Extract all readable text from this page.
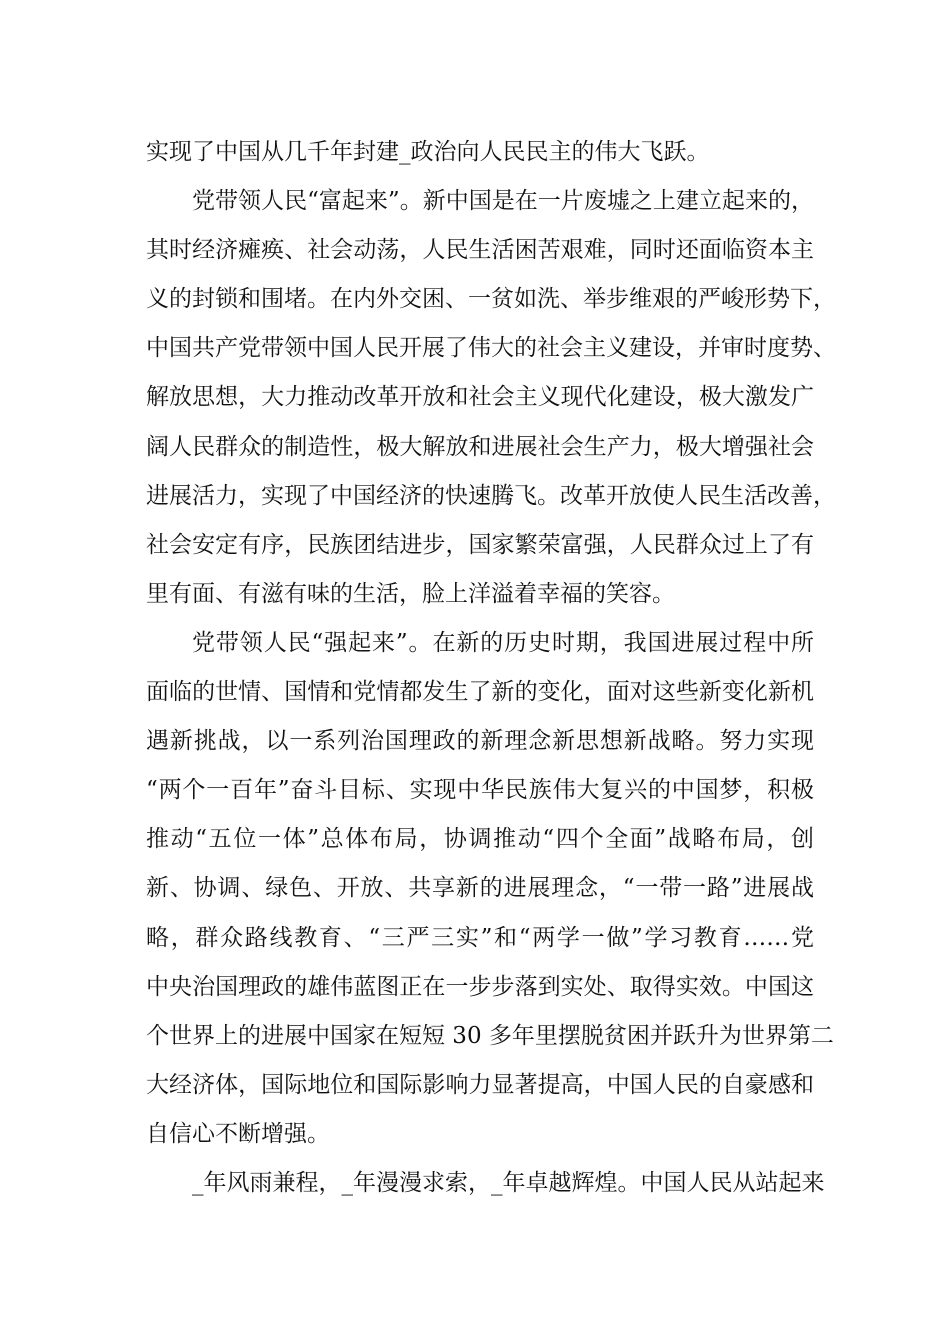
实现了中国从几千年封建_政治向人民民主的伟大飞跃。
党带领人民“富起来”。新中国是在一片废墟之上建立起来的，
其时经济瘫痪、社会动荡，人民生活困苦艰难，同时还面临资本主
义的封锁和围堵。在内外交困、一贫如洗、举步维艰的严峻形势下，
中国共产党带领中国人民开展了伟大的社会主义建设，并审时度势、
解放思想，大力推动改革开放和社会主义现代化建设，极大激发广
阔人民群众的制造性，极大解放和进展社会生产力，极大增强社会
进展活力，实现了中国经济的快速腾飞。改革开放使人民生活改善，
社会安定有序，民族团结进步，国家繁荣富强，人民群众过上了有
里有面、有滋有味的生活，脸上洋溢着幸福的笑容。
党带领人民“强起来”。在新的历史时期，我国进展过程中所
面临的世情、国情和党情都发生了新的变化，面对这些新变化新机
遇新挑战，以一系列治国理政的新理念新思想新战略。努力实现
“两个一百年”奋斗目标、实现中华民族伟大复兴的中国梦，积极
推动“五位一体”总体布局，协调推动“四个全面”战略布局，创
新、协调、绿色、开放、共享新的进展理念，“一带一路”进展战
略，群众路线教育、“三严三实”和“两学一做”学习教育……党
中央治国理政的雄伟蓝图正在一步步落到实处、取得实效。中国这
个世界上的进展中国家在短短 30 多年里摆脱贫困并跃升为世界第二
大经济体，国际地位和国际影响力显著提高，中国人民的自豪感和
自信心不断增强。
_年风雨兼程，_年漫漫求索，_年卓越辉煌。中国人民从站起来
